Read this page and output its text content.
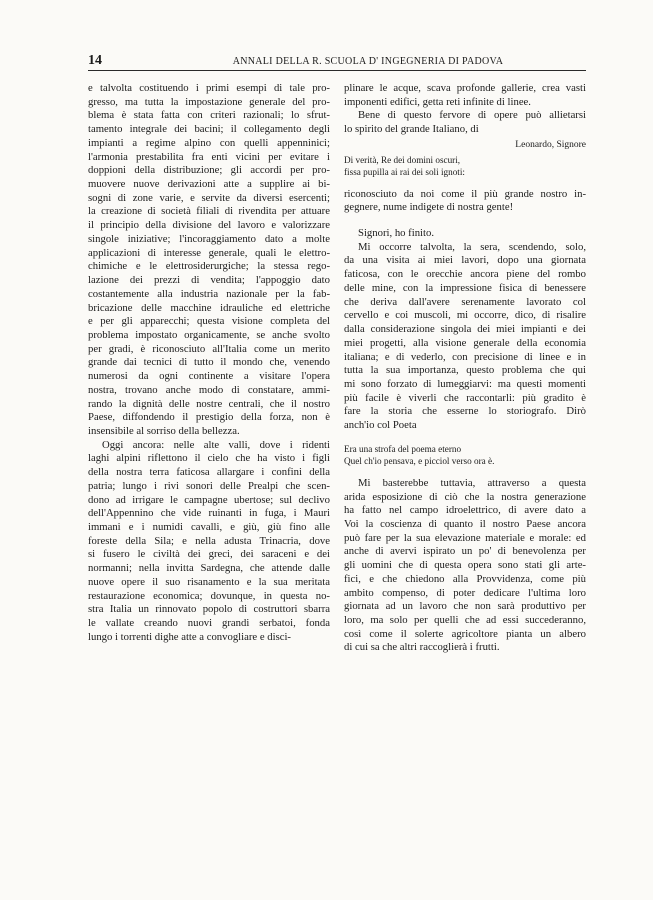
14	ANNALI DELLA R. SCUOLA D' INGEGNERIA DI PADOVA
e talvolta costituendo i primi esempi di tale pro-
gresso, ma tutta la impostazione generale del pro-
blema è stata fatta con criteri razionali; lo sfrut-
tamento integrale dei bacini; il collegamento degli
impianti a regime alpino con quelli appenninici;
l'armonia prestabilita fra enti vicini per evitare i
doppioni della distribuzione; gli accordi per pro-
muovere nuove derivazioni atte a supplire ai bi-
sogni di zone varie, e servite da diversi esercenti;
la creazione di società filiali di rivendita per attuare
il principio della divisione del lavoro e valorizzare
singole iniziative; l'incoraggiamento dato a molte
applicazioni di interesse generale, quali le elettro-
chimiche e le elettrosiderurgiche; la stessa rego-
lazione dei prezzi di vendita; l'appoggio dato
costantemente alla industria nazionale per la fab-
bricazione delle macchine idrauliche ed elettriche
e per gli apparecchi; questa visione completa del
problema impostato organicamente, se anche svolto
per gradi, è riconosciuto all'Italia come un merito
grande dai tecnici di tutto il mondo che, venendo
numerosi da ogni continente a visitare l'opera
nostra, trovano anche modo di constatare, ammi-
rando la dignità delle nostre centrali, che il nostro
Paese, diffondendo il prestigio della forza, non è
insensibile al sorriso della bellezza.
Oggi ancora: nelle alte valli, dove i ridenti
laghi alpini riflettono il cielo che ha visto i figli
della nostra terra faticosa allargare i confini della
patria; lungo i rivi sonori delle Prealpi che scen-
dono ad irrigare le campagne ubertose; sul declivo
dell'Appennino che vide ruinanti in fuga, i Mauri
immani e i numidi cavalli, e giù, giù fino alle
foreste della Sila; e nella adusta Trinacria, dove
si fusero le civiltà dei greci, dei saraceni e dei
normanni; nella invitta Sardegna, che attende dalle
nuove opere il suo risanamento e la sua meritata
restaurazione economica; dovunque, in questa no-
stra Italia un rinnovato popolo di costruttori sbarra
le vallate creando nuovi grandi serbatoi, fonda
lungo i torrenti dighe atte a convogliare e disci-
plinare le acque, scava profonde gallerie, crea vasti
imponenti edifici, getta reti infinite di linee.
Bene di questo fervore di opere può allietarsi
lo spirito del grande Italiano, di
Leonardo, Signore
Di verità, Re dei domini oscuri,
fissa pupilla ai rai dei soli ignoti:
riconosciuto da noi come il più grande nostro in-
gegnere, nume indigete di nostra gente!

Signori, ho finito.

Mi occorre talvolta, la sera, scendendo, solo,
da una visita ai miei lavori, dopo una giornata
faticosa, con le orecchie ancora piene del rombo
delle mine, con la impressione fisica di benessere
che deriva dall'avere serenamente lavorato col
cervello e coi muscoli, mi occorre, dico, di risalire
dalla considerazione singola dei miei impianti e dei
miei progetti, alla visione generale della economia
italiana; e di vederlo, con precisione di linee e in
tutta la sua importanza, questo problema che qui
mi sono forzato di lumeggiarvi: ma questi momenti
più facile è viverli che raccontarli: più gradito è
fare la storia che esserne lo storiografo. Dirò
anch'io col Poeta
Era una strofa del poema eterno
Quel ch'io pensava, e picciol verso ora è.
Mi basterebbe tuttavia, attraverso a questa
arida esposizione di ciò che la nostra generazione
ha fatto nel campo idroelettrico, di avere dato a
Voi la coscienza di quanto il nostro Paese ancora
può fare per la sua elevazione materiale e morale: ed
anche di avervi ispirato un po' di benevolenza per
gli uomini che di questa opera sono stati gli arte-
fici, e che chiedono alla Provvidenza, come più
ambito compenso, di poter dedicare l'ultima loro
giornata ad un lavoro che non sarà produttivo per
loro, ma solo per quelli che ad essi succederanno,
così come il solerte agricoltore pianta un albero
di cui sa che altri raccoglierà i frutti.
